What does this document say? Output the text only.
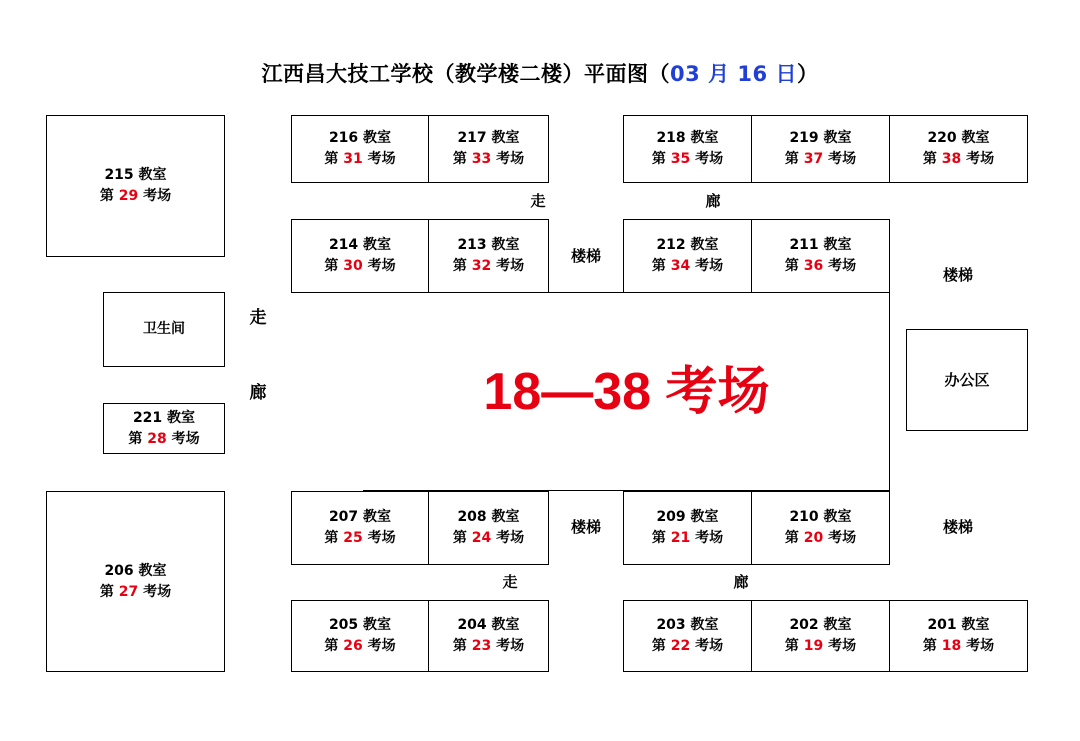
江西昌大技工学校（教学楼二楼）平面图（03 月 16 日）
18—38 考场
215 教室
第 29 考场
216 教室
第 31 考场
217 教室
第 33 考场
218 教室
第 35 考场
219 教室
第 37 考场
220 教室
第 38 考场
214 教室
第 30 考场
213 教室
第 32 考场
212 教室
第 34 考场
211 教室
第 36 考场
221 教室
第 28 考场
206 教室
第 27 考场
207 教室
第 25 考场
208 教室
第 24 考场
209 教室
第 21 考场
210 教室
第 20 考场
205 教室
第 26 考场
204 教室
第 23 考场
203 教室
第 22 考场
202 教室
第 19 考场
201 教室
第 18 考场
走	廊
走
廊
走	廊
楼梯
楼梯
楼梯	楼梯
卫生间
办公区
